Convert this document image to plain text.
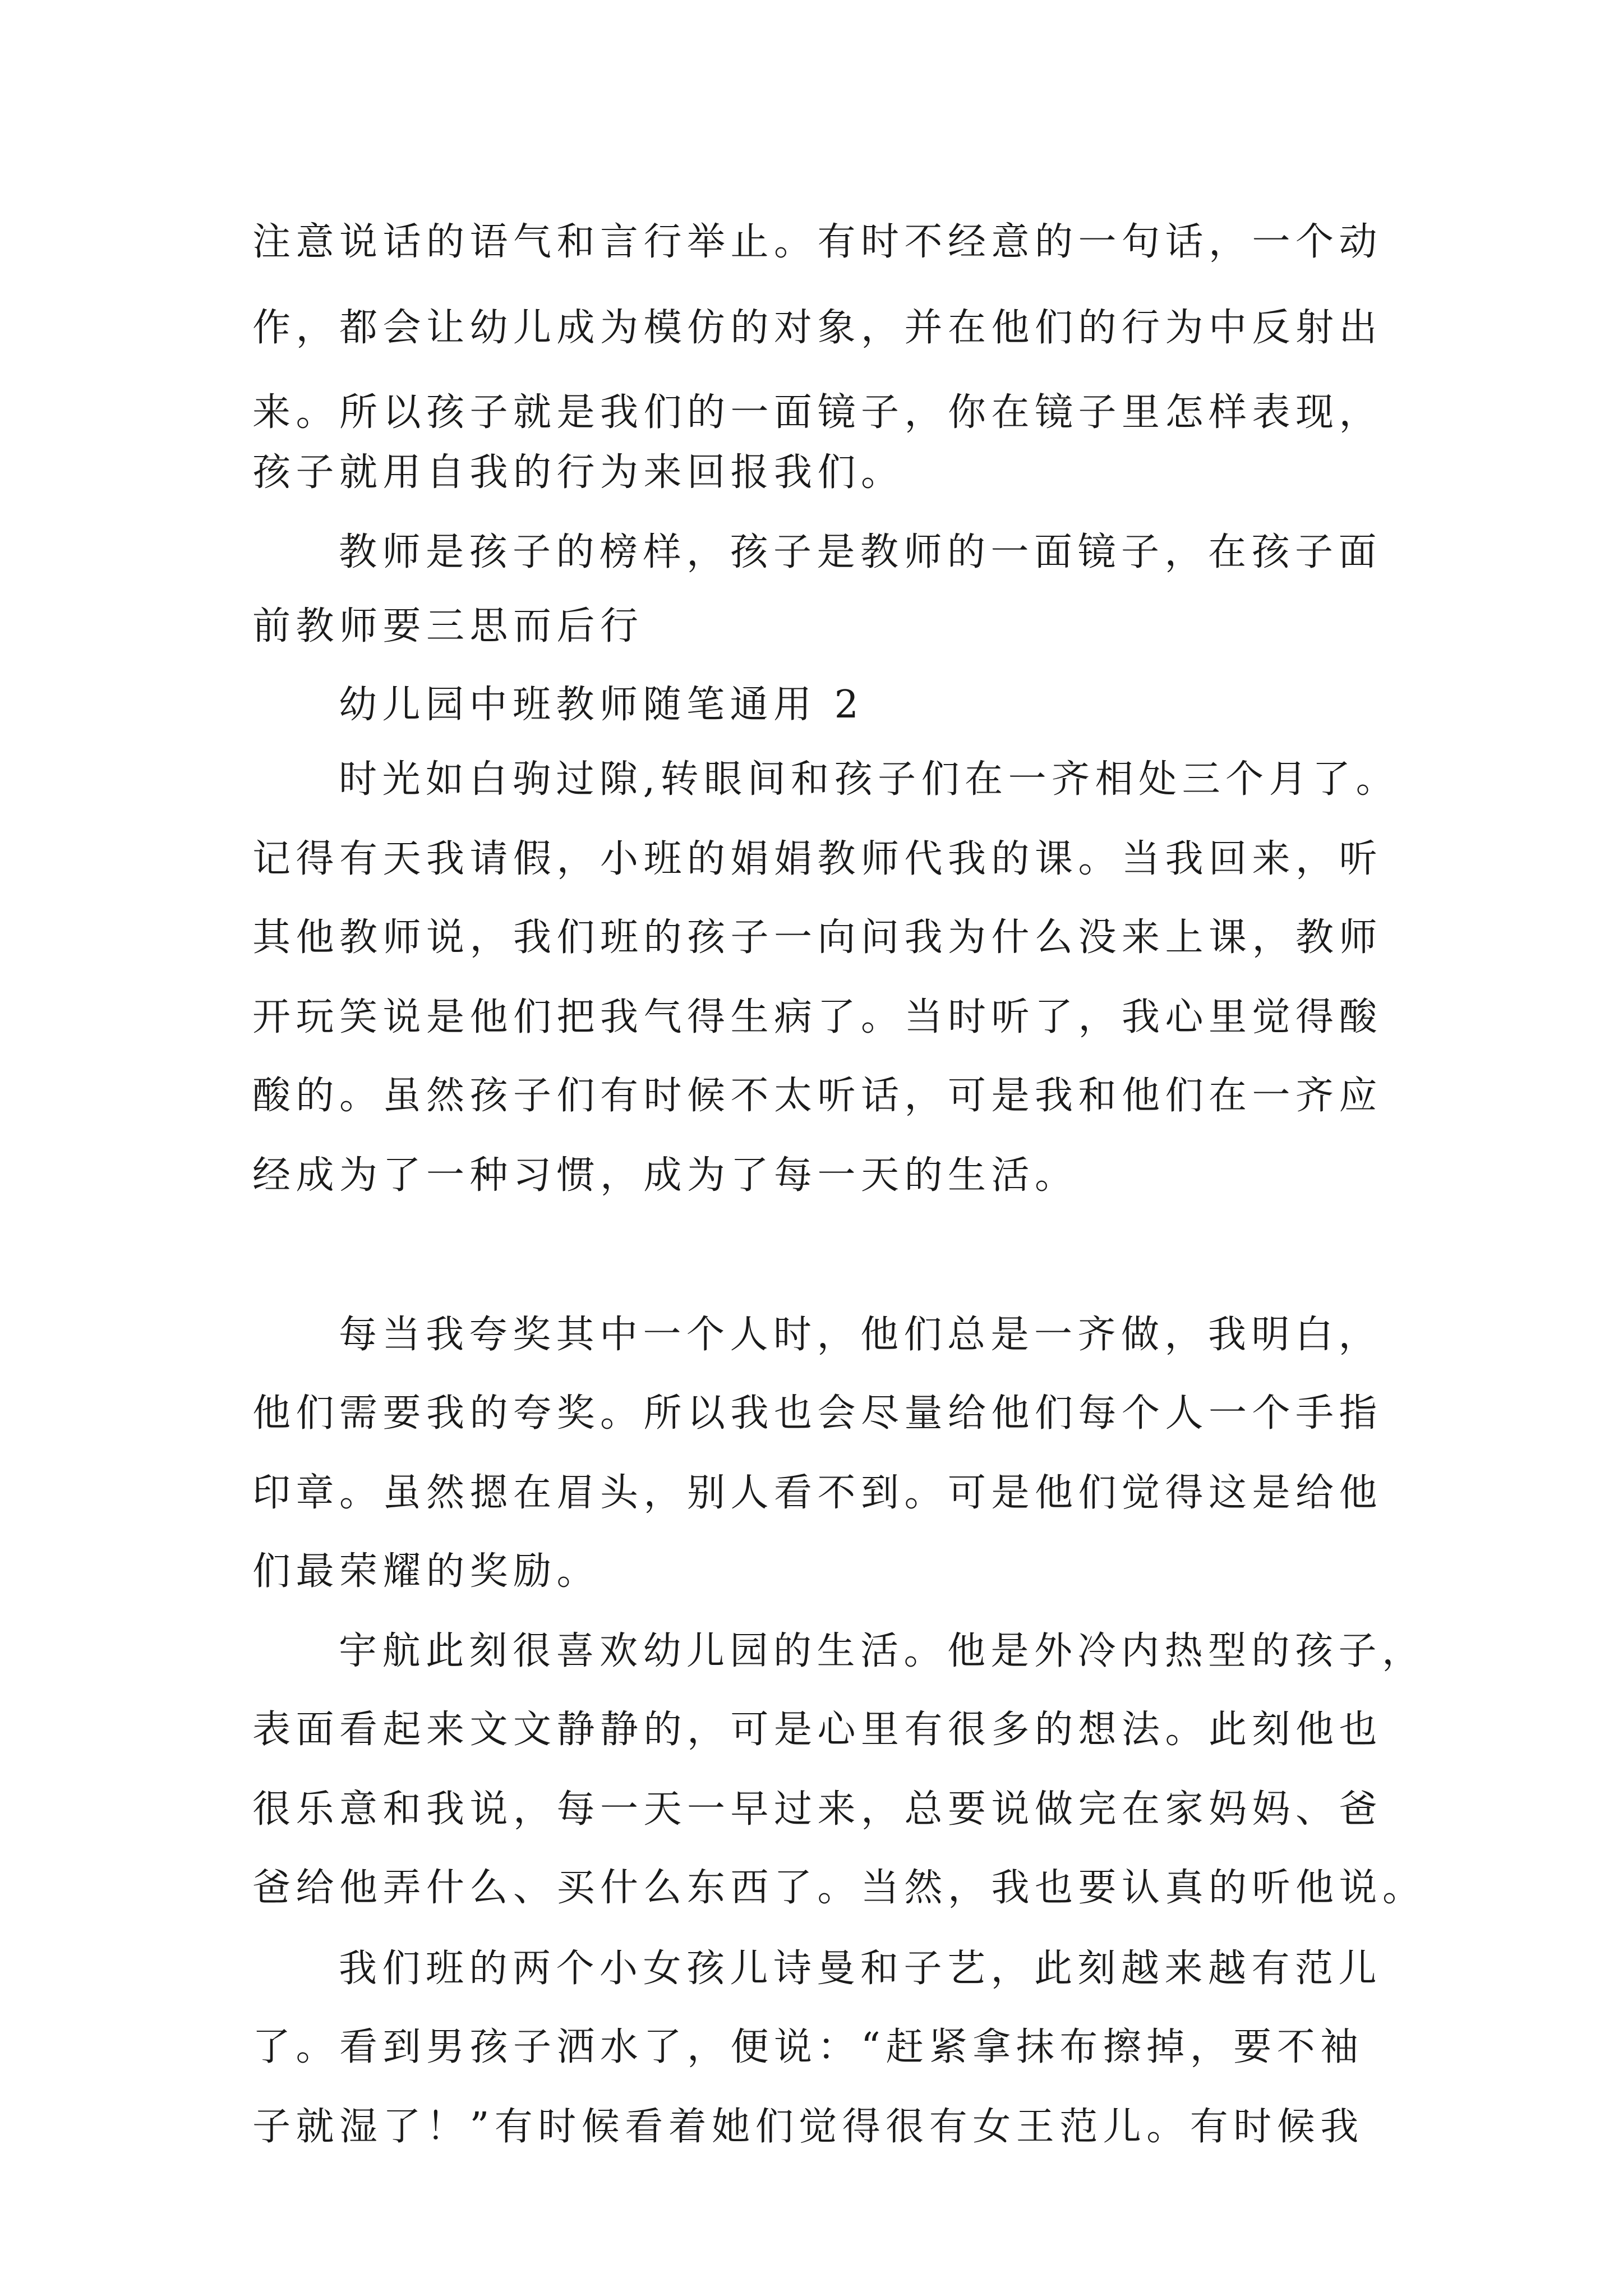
注意说话的语气和言行举止。有时不经意的一句话，一个动
作，都会让幼儿成为模仿的对象，并在他们的行为中反射出
来。所以孩子就是我们的一面镜子，你在镜子里怎样表现，
孩子就用自我的行为来回报我们。
教师是孩子的榜样，孩子是教师的一面镜子，在孩子面
前教师要三思而后行
幼儿园中班教师随笔通用 2
时光如白驹过隙,转眼间和孩子们在一齐相处三个月了。
记得有天我请假，小班的娟娟教师代我的课。当我回来，听
其他教师说，我们班的孩子一向问我为什么没来上课，教师
开玩笑说是他们把我气得生病了。当时听了，我心里觉得酸
酸的。虽然孩子们有时候不太听话，可是我和他们在一齐应
经成为了一种习惯，成为了每一天的生活。
每当我夸奖其中一个人时，他们总是一齐做，我明白，
他们需要我的夸奖。所以我也会尽量给他们每个人一个手指
印章。虽然摁在眉头，别人看不到。可是他们觉得这是给他
们最荣耀的奖励。
宇航此刻很喜欢幼儿园的生活。他是外冷内热型的孩子，
表面看起来文文静静的，可是心里有很多的想法。此刻他也
很乐意和我说，每一天一早过来，总要说做完在家妈妈、爸
爸给他弄什么、买什么东西了。当然，我也要认真的听他说。
我们班的两个小女孩儿诗曼和子艺，此刻越来越有范儿
了。看到男孩子洒水了，便说：“赶紧拿抹布擦掉，要不袖
子就湿了！”有时候看着她们觉得很有女王范儿。有时候我
